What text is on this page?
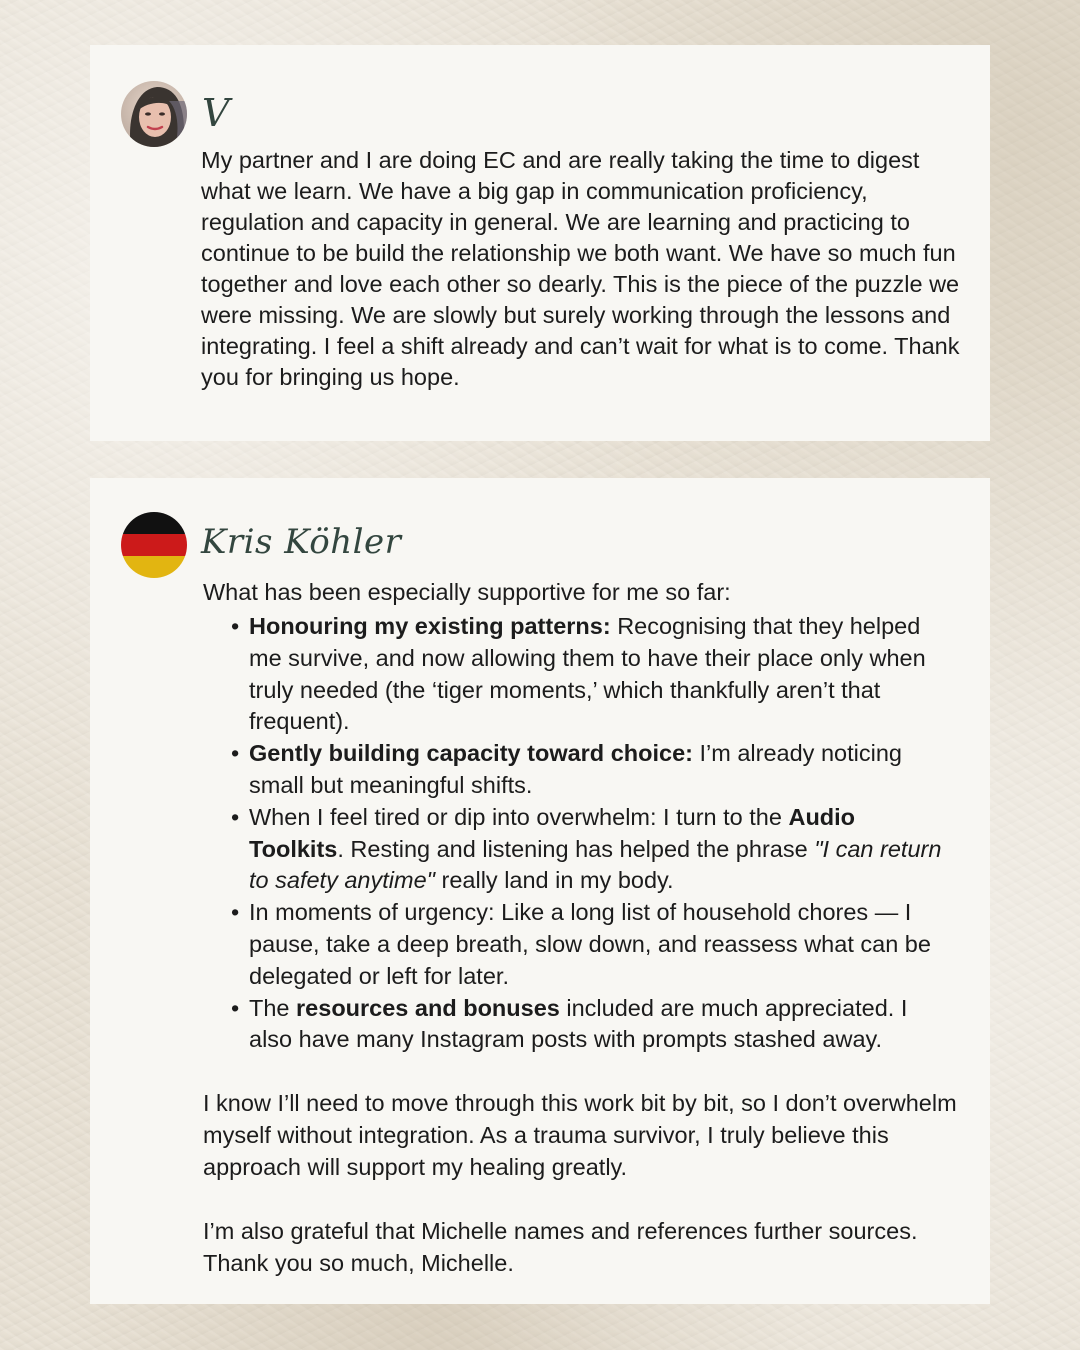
V
My partner and I are doing EC and are really taking the time to digest what we learn. We have a big gap in communication proficiency, regulation and capacity in general. We are learning and practicing to continue to be build the relationship we both want. We have so much fun together and love each other so dearly. This is the piece of the puzzle we were missing. We are slowly but surely working through the lessons and integrating. I feel a shift already and can’t wait for what is to come. Thank you for bringing us hope.
Kris Köhler
What has been especially supportive for me so far:
• Honouring my existing patterns: Recognising that they helped me survive, and now allowing them to have their place only when truly needed (the ‘tiger moments,’ which thankfully aren’t that frequent).
• Gently building capacity toward choice: I’m already noticing small but meaningful shifts.
• When I feel tired or dip into overwhelm: I turn to the Audio Toolkits. Resting and listening has helped the phrase "I can return to safety anytime" really land in my body.
• In moments of urgency: Like a long list of household chores — I pause, take a deep breath, slow down, and reassess what can be delegated or left for later.
• The resources and bonuses included are much appreciated. I also have many Instagram posts with prompts stashed away.
I know I’ll need to move through this work bit by bit, so I don’t overwhelm myself without integration. As a trauma survivor, I truly believe this approach will support my healing greatly.
I’m also grateful that Michelle names and references further sources. Thank you so much, Michelle.
